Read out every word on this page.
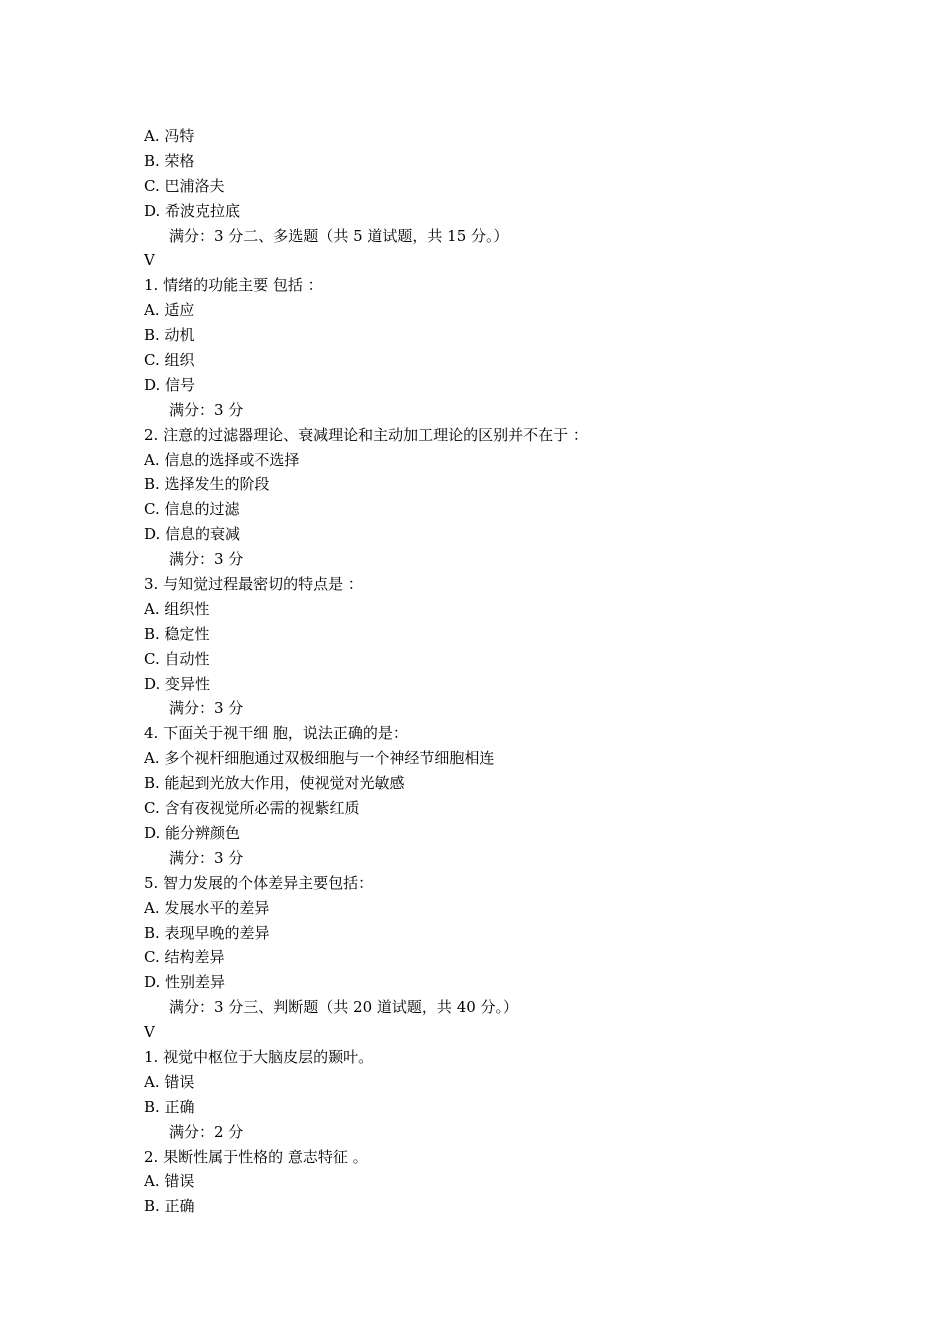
A. 冯特
B. 荣格
C. 巴浦洛夫
D. 希波克拉底
满分：3 分二、多选题（共 5 道试题，共 15 分。）
V
1. 情绪的功能主要 包括 ：
A. 适应
B. 动机
C. 组织
D. 信号
满分：3 分
2. 注意的过滤器理论、衰减理论和主动加工理论的区别并不在于 ：
A. 信息的选择或不选择
B. 选择发生的阶段
C. 信息的过滤
D. 信息的衰减
满分：3 分
3. 与知觉过程最密切的特点是 ：
A. 组织性
B. 稳定性
C. 自动性
D. 变异性
满分：3 分
4. 下面关于视干细 胞，说法正确的是：
A. 多个视杆细胞通过双极细胞与一个神经节细胞相连
B. 能起到光放大作用，使视觉对光敏感
C. 含有夜视觉所必需的视紫红质
D. 能分辨颜色
满分：3 分
5. 智力发展的个体差异主要包括：
A. 发展水平的差异
B. 表现早晚的差异
C. 结构差异
D. 性别差异
满分：3 分三、判断题（共 20 道试题，共 40 分。）
V
1. 视觉中枢位于大脑皮层的颞叶。
A. 错误
B. 正确
满分：2 分
2. 果断性属于性格的 意志特征 。
A. 错误
B. 正确
